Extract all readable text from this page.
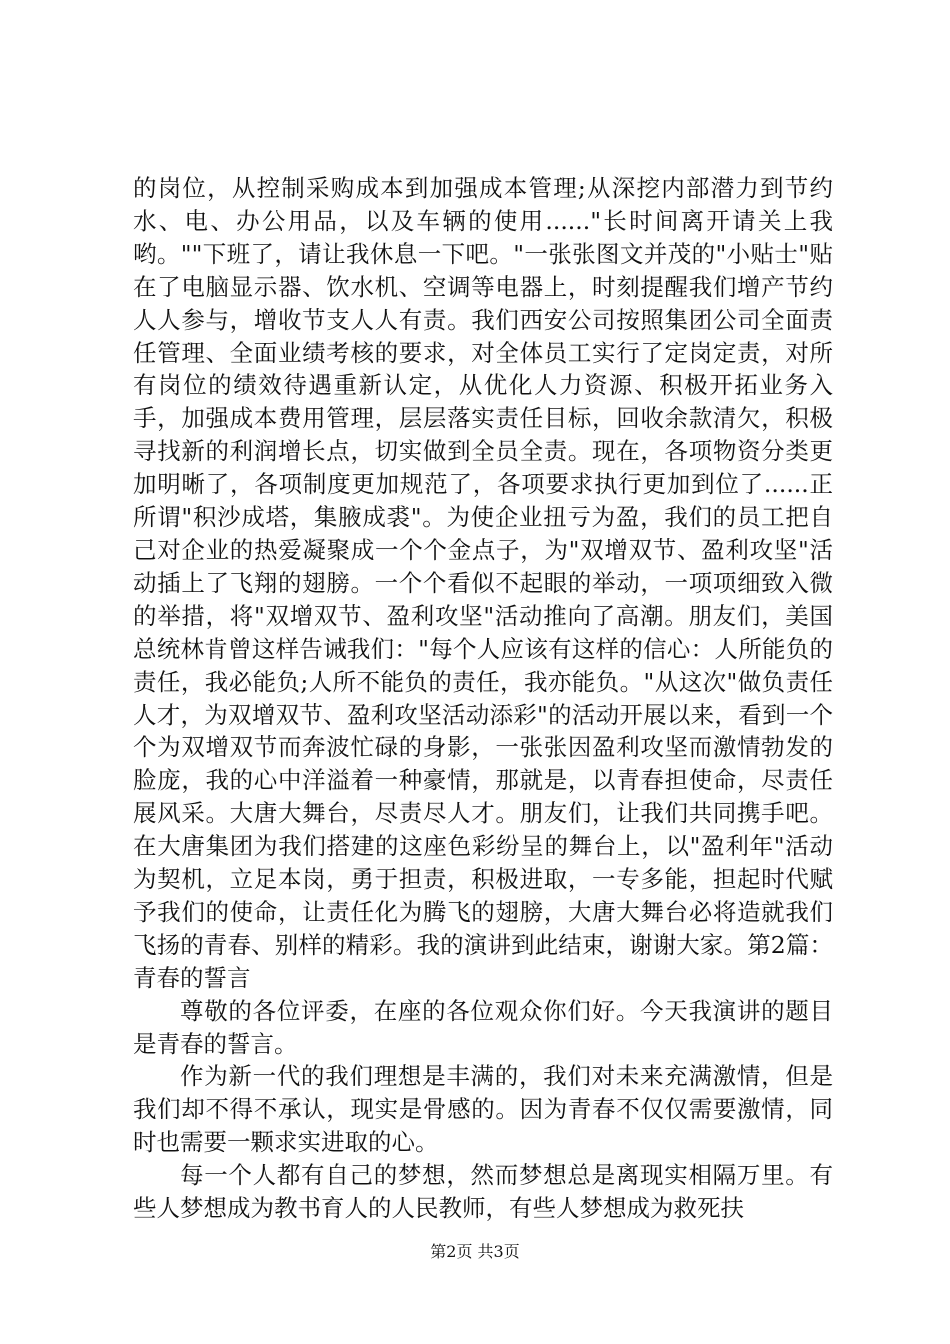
的岗位，从控制采购成本到加强成本管理;从深挖内部潜力到节约水、电、办公用品，以及车辆的使用......"长时间离开请关上我哟。""下班了，请让我休息一下吧。"一张张图文并茂的"小贴士"贴在了电脑显示器、饮水机、空调等电器上，时刻提醒我们增产节约人人参与，增收节支人人有责。我们西安公司按照集团公司全面责任管理、全面业绩考核的要求，对全体员工实行了定岗定责，对所有岗位的绩效待遇重新认定，从优化人力资源、积极开拓业务入手，加强成本费用管理，层层落实责任目标，回收余款清欠，积极寻找新的利润增长点，切实做到全员全责。现在，各项物资分类更加明晰了，各项制度更加规范了，各项要求执行更加到位了......正所谓"积沙成塔，集腋成裘"。为使企业扭亏为盈，我们的员工把自己对企业的热爱凝聚成一个个金点子，为"双增双节、盈利攻坚"活动插上了飞翔的翅膀。一个个看似不起眼的举动，一项项细致入微的举措，将"双增双节、盈利攻坚"活动推向了高潮。朋友们，美国总统林肯曾这样告诫我们："每个人应该有这样的信心：人所能负的责任，我必能负;人所不能负的责任，我亦能负。"从这次"做负责任人才，为双增双节、盈利攻坚活动添彩"的活动开展以来，看到一个个为双增双节而奔波忙碌的身影，一张张因盈利攻坚而激情勃发的脸庞，我的心中洋溢着一种豪情，那就是，以青春担使命，尽责任展风采。大唐大舞台，尽责尽人才。朋友们，让我们共同携手吧。在大唐集团为我们搭建的这座色彩纷呈的舞台上，以"盈利年"活动为契机，立足本岗，勇于担责，积极进取，一专多能，担起时代赋予我们的使命，让责任化为腾飞的翅膀，大唐大舞台必将造就我们飞扬的青春、别样的精彩。我的演讲到此结束，谢谢大家。第2篇：青春的誓言

尊敬的各位评委，在座的各位观众你们好。今天我演讲的题目是青春的誓言。

作为新一代的我们理想是丰满的，我们对未来充满激情，但是我们却不得不承认，现实是骨感的。因为青春不仅仅需要激情，同时也需要一颗求实进取的心。

每一个人都有自己的梦想，然而梦想总是离现实相隔万里。有些人梦想成为教书育人的人民教师，有些人梦想成为救死扶

第2页 共3页
